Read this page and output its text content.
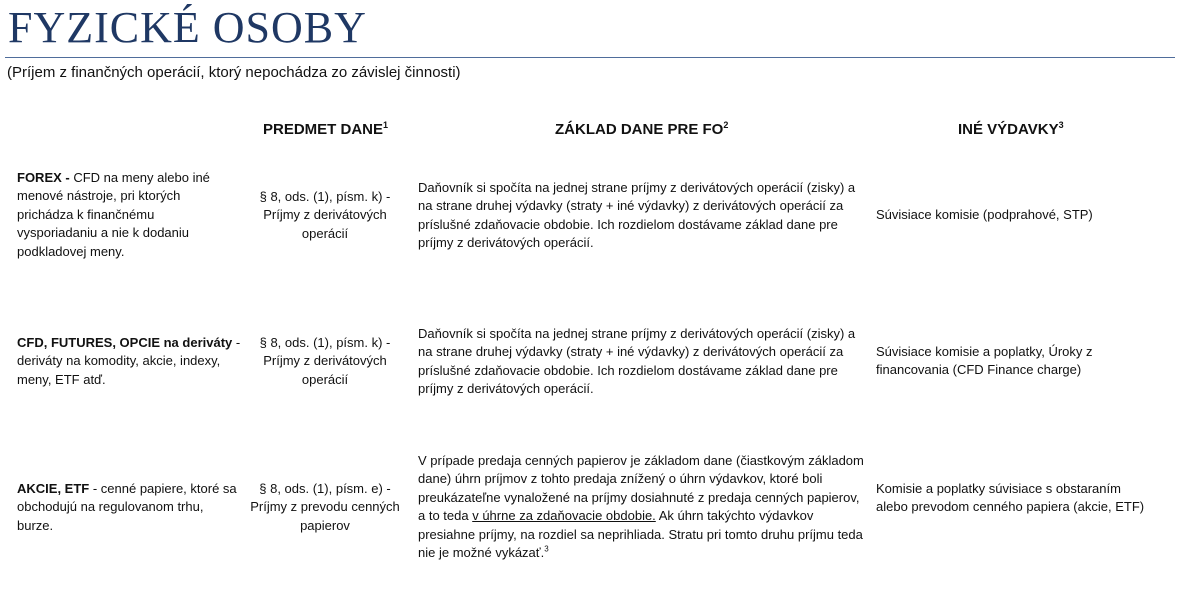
FYZICKÉ OSOBY
(Príjem z finančných operácií, ktorý nepochádza zo závislej činnosti)
PREDMET DANE$^1$	ZÁKLAD DANE PRE $FO^2$	INÉ VÝDAVKY$^3$
FOREX - CFD na meny alebo iné menové nástroje, pri ktorých prichádza k finančnému vysporiadaniu a nie k dodaniu podkladovej meny.
§ 8, ods. (1), písm. k) - Príjmy z derivátových operácií
Daňovník si spočíta na jednej strane príjmy z derivátových operácií (zisky) a na strane druhej výdavky (straty + iné výdavky) z derivátových operácií za príslušné zdaňovacie obdobie. Ich rozdielom dostávame základ dane pre príjmy z derivátových operácií.
Súvisiace komisie (podprahové, STP)
CFD, FUTURES, OPCIE na deriváty - deriváty na komodity, akcie, indexy, meny, ETF atď.
§ 8, ods. (1), písm. k) - Príjmy z derivátových operácií
Daňovník si spočíta na jednej strane príjmy z derivátových operácií (zisky) a na strane druhej výdavky (straty + iné výdavky) z derivátových operácií za príslušné zdaňovacie obdobie. Ich rozdielom dostávame základ dane pre príjmy z derivátových operácií.
Súvisiace komisie a poplatky, Úroky z financovania (CFD Finance charge)
AKCIE, ETF - cenné papiere, ktoré sa obchodujú na regulovanom trhu, burze.
§ 8, ods. (1), písm. e) - Príjmy z prevodu cenných papierov
V prípade predaja cenných papierov je základom dane (čiastkovým základom dane) úhrn príjmov z tohto predaja znížený o úhrn výdavkov, ktoré boli preukázateľne vynaložené na príjmy dosiahnuté z predaja cenných papierov, a to teda v úhrne za zdaňovacie obdobie. Ak úhrn takýchto výdavkov presiahne príjmy, na rozdiel sa neprihliada. Stratu pri tomto druhu príjmu teda nie je možné vykázať.$^3$
Komisie a poplatky súvisiace s obstaraním alebo prevodom cenného papiera (akcie, ETF)
